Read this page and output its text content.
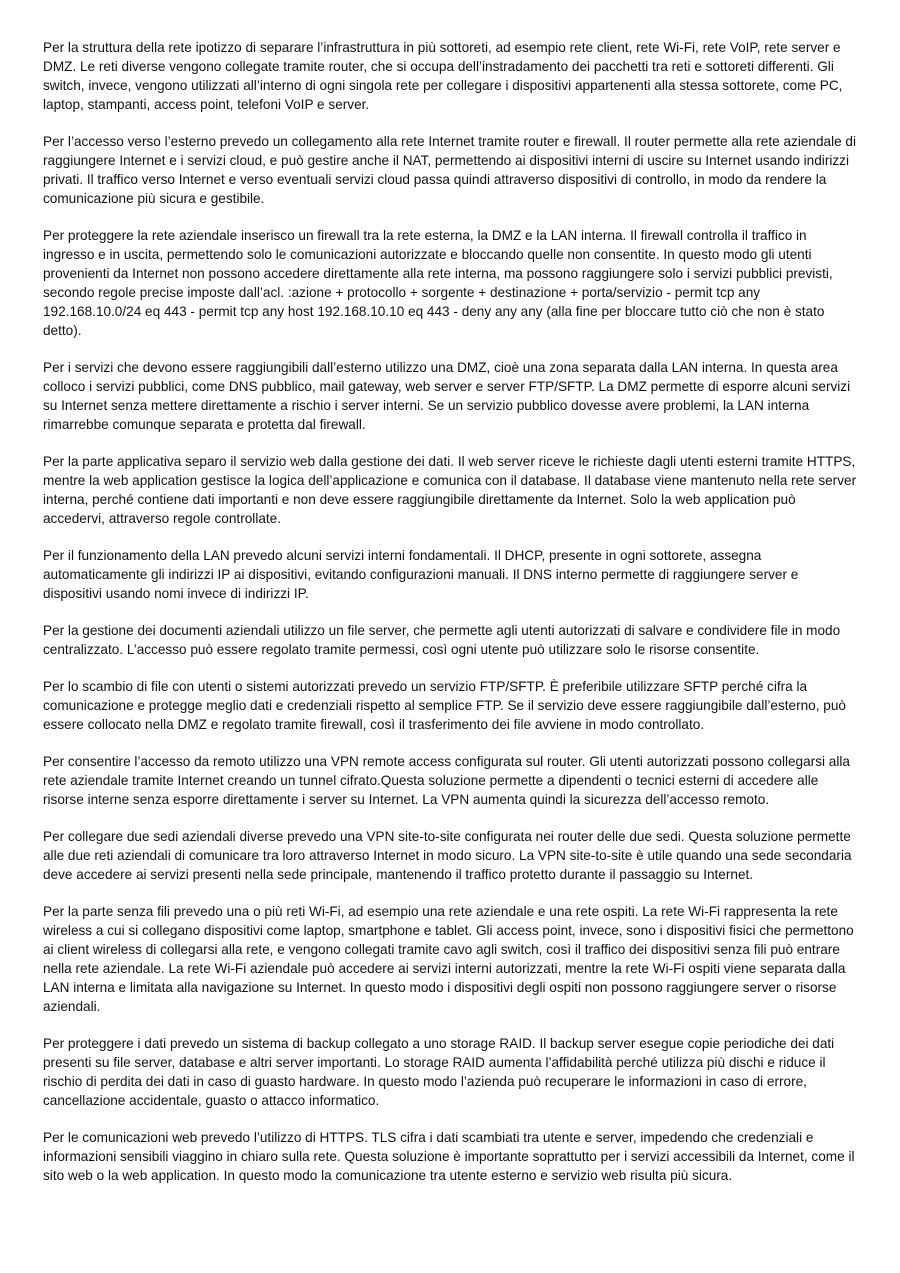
Per la struttura della rete ipotizzo di separare l’infrastruttura in più sottoreti, ad esempio rete client, rete Wi-Fi, rete VoIP, rete server e DMZ. Le reti diverse vengono collegate tramite router, che si occupa dell’instradamento dei pacchetti tra reti e sottoreti differenti. Gli switch, invece, vengono utilizzati all’interno di ogni singola rete per collegare i dispositivi appartenenti alla stessa sottorete, come PC, laptop, stampanti, access point, telefoni VoIP e server.

Per l’accesso verso l’esterno prevedo un collegamento alla rete Internet tramite router e firewall. Il router permette alla rete aziendale di raggiungere Internet e i servizi cloud, e può gestire anche il NAT, permettendo ai dispositivi interni di uscire su Internet usando indirizzi privati. Il traffico verso Internet e verso eventuali servizi cloud passa quindi attraverso dispositivi di controllo, in modo da rendere la comunicazione più sicura e gestibile.

Per proteggere la rete aziendale inserisco un firewall tra la rete esterna, la DMZ e la LAN interna. Il firewall controlla il traffico in ingresso e in uscita, permettendo solo le comunicazioni autorizzate e bloccando quelle non consentite. In questo modo gli utenti provenienti da Internet non possono accedere direttamente alla rete interna, ma possono raggiungere solo i servizi pubblici previsti, secondo regole precise imposte dall’acl. :azione + protocollo + sorgente + destinazione + porta/servizio - permit tcp any 192.168.10.0/24 eq 443 - permit tcp any host 192.168.10.10 eq 443 - deny any any (alla fine per bloccare tutto ciò che non è stato detto).

Per i servizi che devono essere raggiungibili dall’esterno utilizzo una DMZ, cioè una zona separata dalla LAN interna. In questa area colloco i servizi pubblici, come DNS pubblico, mail gateway, web server e server FTP/SFTP. La DMZ permette di esporre alcuni servizi su Internet senza mettere direttamente a rischio i server interni. Se un servizio pubblico dovesse avere problemi, la LAN interna rimarrebbe comunque separata e protetta dal firewall.

Per la parte applicativa separo il servizio web dalla gestione dei dati. Il web server riceve le richieste dagli utenti esterni tramite HTTPS, mentre la web application gestisce la logica dell’applicazione e comunica con il database. Il database viene mantenuto nella rete server interna, perché contiene dati importanti e non deve essere raggiungibile direttamente da Internet. Solo la web application può accedervi, attraverso regole controllate.

Per il funzionamento della LAN prevedo alcuni servizi interni fondamentali. Il DHCP, presente in ogni sottorete, assegna automaticamente gli indirizzi IP ai dispositivi, evitando configurazioni manuali. Il DNS interno permette di raggiungere server e dispositivi usando nomi invece di indirizzi IP.

Per la gestione dei documenti aziendali utilizzo un file server, che permette agli utenti autorizzati di salvare e condividere file in modo centralizzato. L’accesso può essere regolato tramite permessi, così ogni utente può utilizzare solo le risorse consentite.

Per lo scambio di file con utenti o sistemi autorizzati prevedo un servizio FTP/SFTP. È preferibile utilizzare SFTP perché cifra la comunicazione e protegge meglio dati e credenziali rispetto al semplice FTP. Se il servizio deve essere raggiungibile dall’esterno, può essere collocato nella DMZ e regolato tramite firewall, così il trasferimento dei file avviene in modo controllato.

Per consentire l’accesso da remoto utilizzo una VPN remote access configurata sul router. Gli utenti autorizzati possono collegarsi alla rete aziendale tramite Internet creando un tunnel cifrato.Questa soluzione permette a dipendenti o tecnici esterni di accedere alle risorse interne senza esporre direttamente i server su Internet. La VPN aumenta quindi la sicurezza dell’accesso remoto.

Per collegare due sedi aziendali diverse prevedo una VPN site-to-site configurata nei router delle due sedi. Questa soluzione permette alle due reti aziendali di comunicare tra loro attraverso Internet in modo sicuro. La VPN site-to-site è utile quando una sede secondaria deve accedere ai servizi presenti nella sede principale, mantenendo il traffico protetto durante il passaggio su Internet.

Per la parte senza fili prevedo una o più reti Wi-Fi, ad esempio una rete aziendale e una rete ospiti. La rete Wi-Fi rappresenta la rete wireless a cui si collegano dispositivi come laptop, smartphone e tablet. Gli access point, invece, sono i dispositivi fisici che permettono ai client wireless di collegarsi alla rete, e vengono collegati tramite cavo agli switch, così il traffico dei dispositivi senza fili può entrare nella rete aziendale. La rete Wi-Fi aziendale può accedere ai servizi interni autorizzati, mentre la rete Wi-Fi ospiti viene separata dalla LAN interna e limitata alla navigazione su Internet. In questo modo i dispositivi degli ospiti non possono raggiungere server o risorse aziendali.

Per proteggere i dati prevedo un sistema di backup collegato a uno storage RAID. Il backup server esegue copie periodiche dei dati presenti su file server, database e altri server importanti. Lo storage RAID aumenta l’affidabilità perché utilizza più dischi e riduce il rischio di perdita dei dati in caso di guasto hardware. In questo modo l’azienda può recuperare le informazioni in caso di errore, cancellazione accidentale, guasto o attacco informatico.

Per le comunicazioni web prevedo l’utilizzo di HTTPS. TLS cifra i dati scambiati tra utente e server, impedendo che credenziali e informazioni sensibili viaggino in chiaro sulla rete. Questa soluzione è importante soprattutto per i servizi accessibili da Internet, come il sito web o la web application. In questo modo la comunicazione tra utente esterno e servizio web risulta più sicura.
